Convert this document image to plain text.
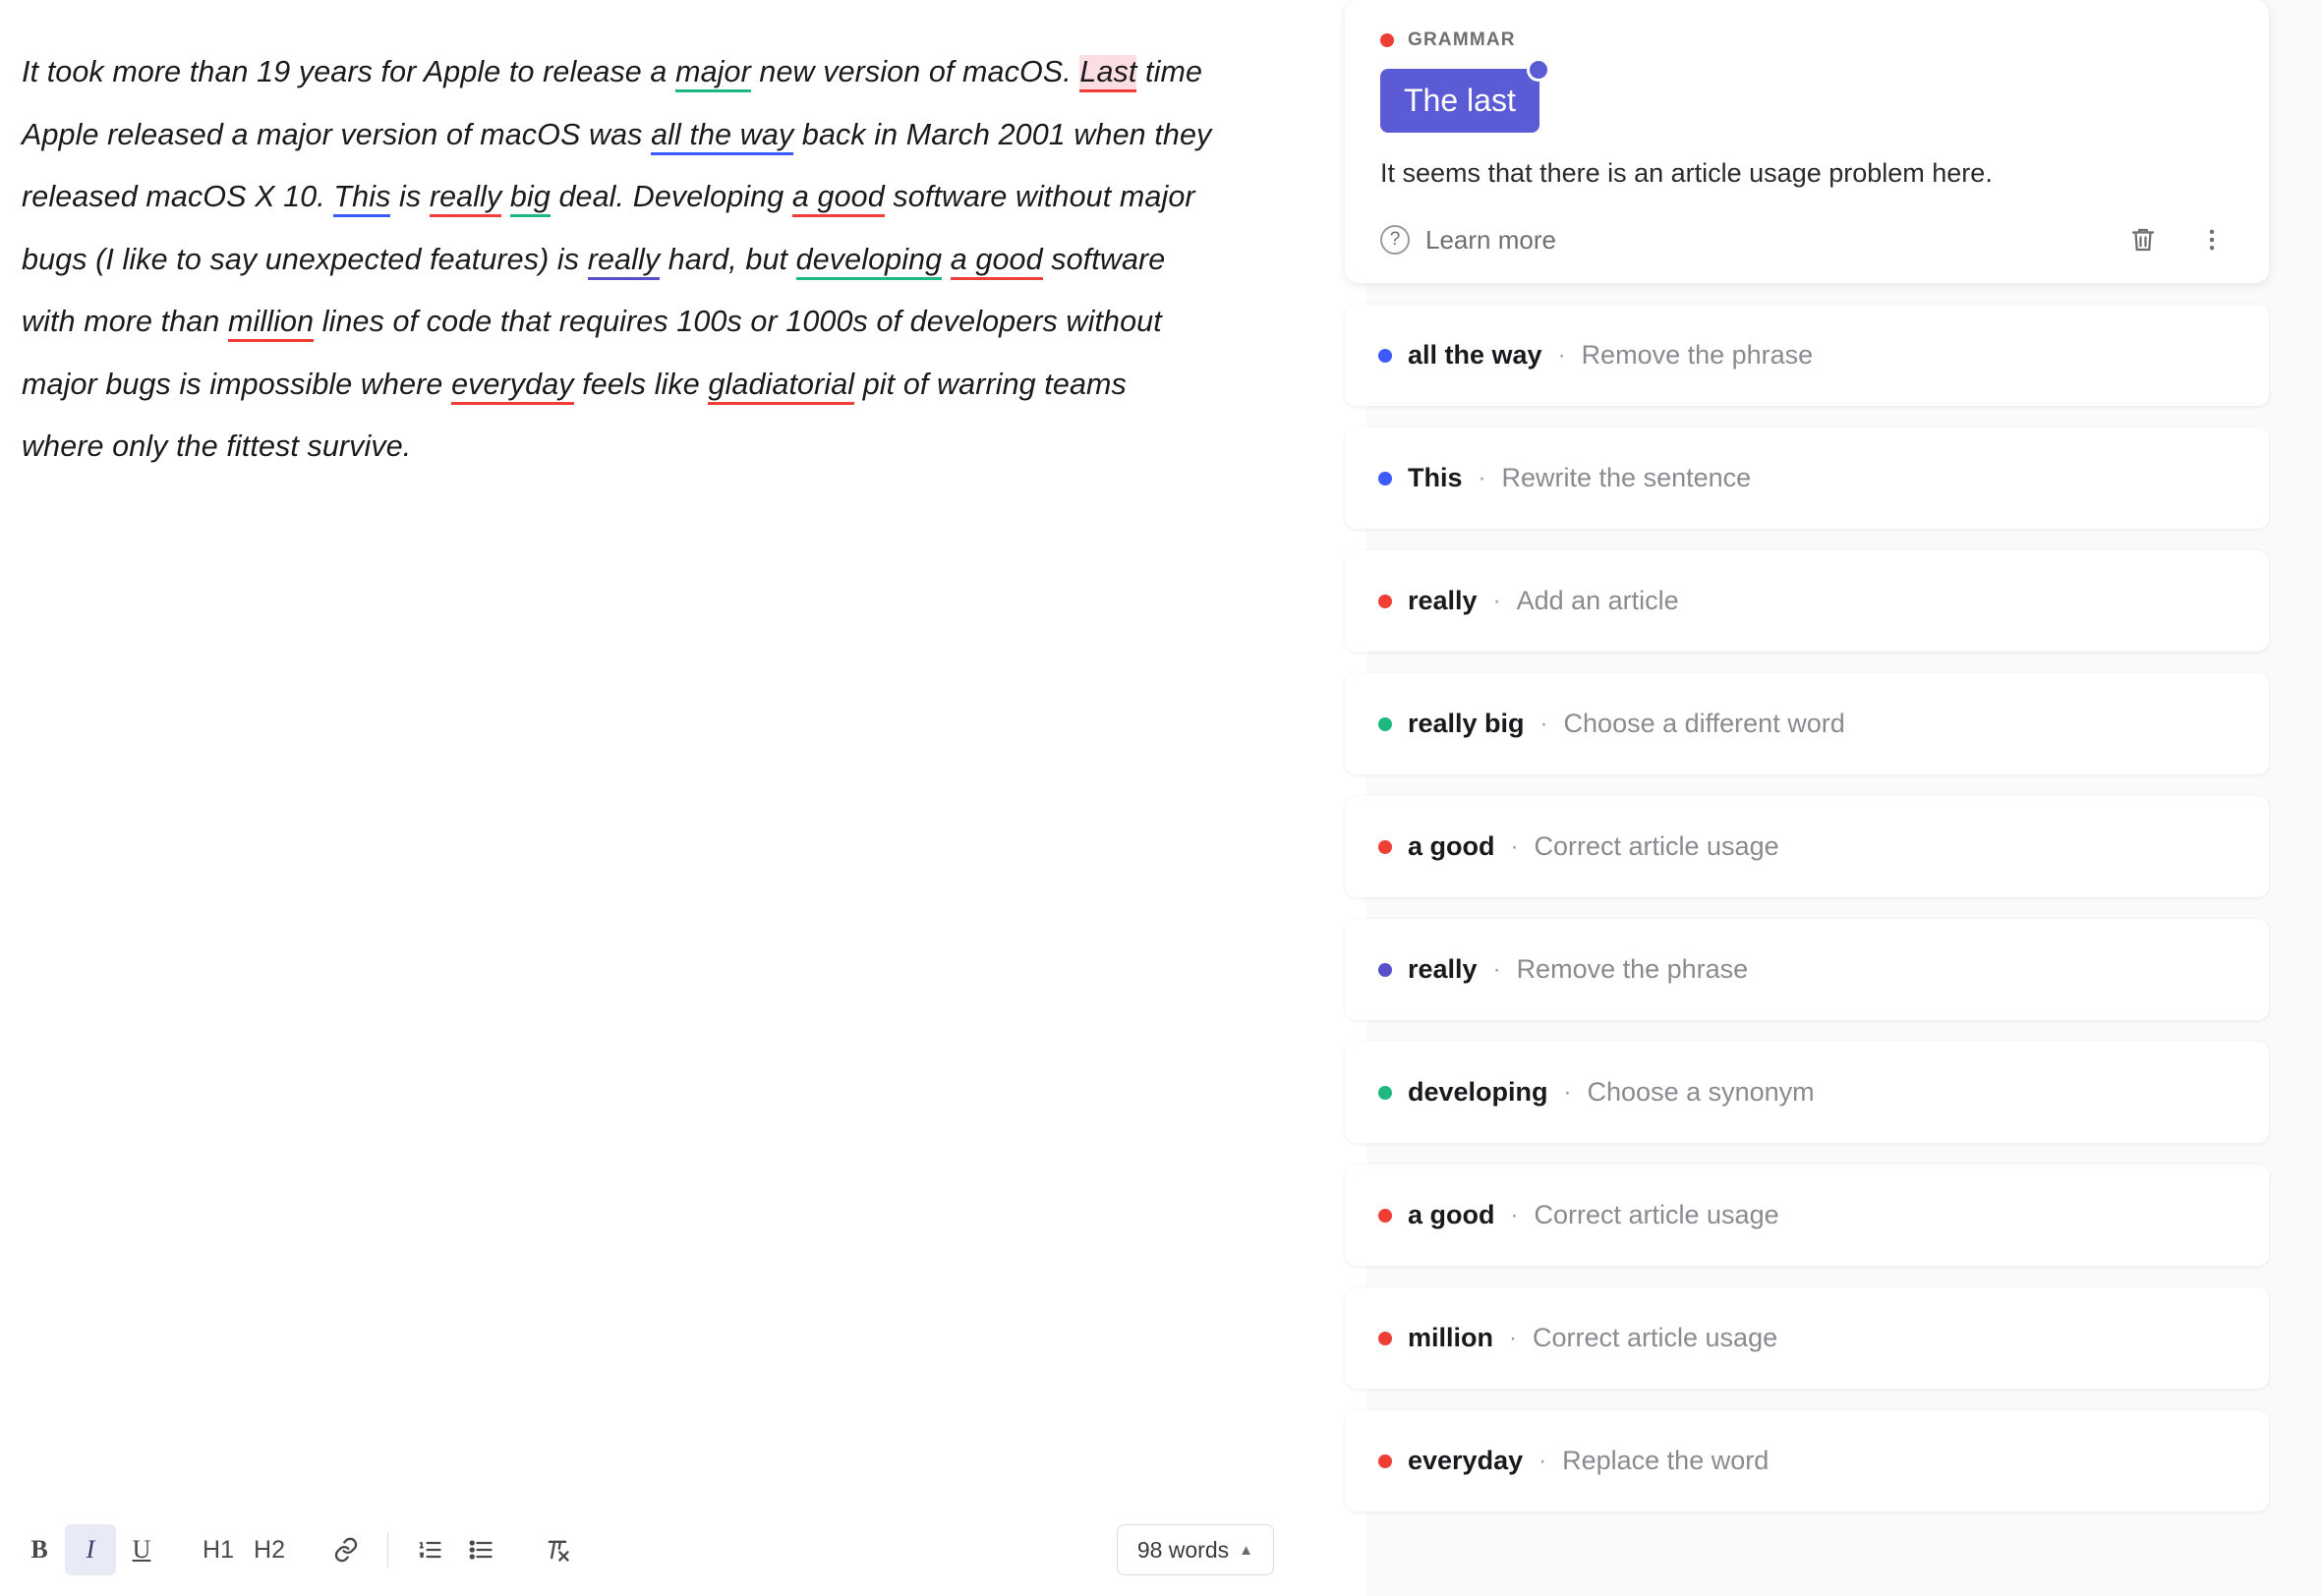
It took more than 19 years for Apple to release a major new version of macOS. Last time Apple released a major version of macOS was all the way back in March 2001 when they released macOS X 10. This is really big deal. Developing a good software without major bugs (I like to say unexpected features) is really hard, but developing a good software with more than million lines of code that requires 100s or 1000s of developers without major bugs is impossible where everyday feels like gladiatorial pit of warring teams where only the fittest survive.
B	I	U	H1 H2	98 words ▲
GRAMMAR
The last
It seems that there is an article usage problem here.
? Learn more
all the way · Remove the phrase
This · Rewrite the sentence
really · Add an article
really big · Choose a different word
a good · Correct article usage
really · Remove the phrase
developing · Choose a synonym
a good · Correct article usage
million · Correct article usage
everyday · Replace the word
